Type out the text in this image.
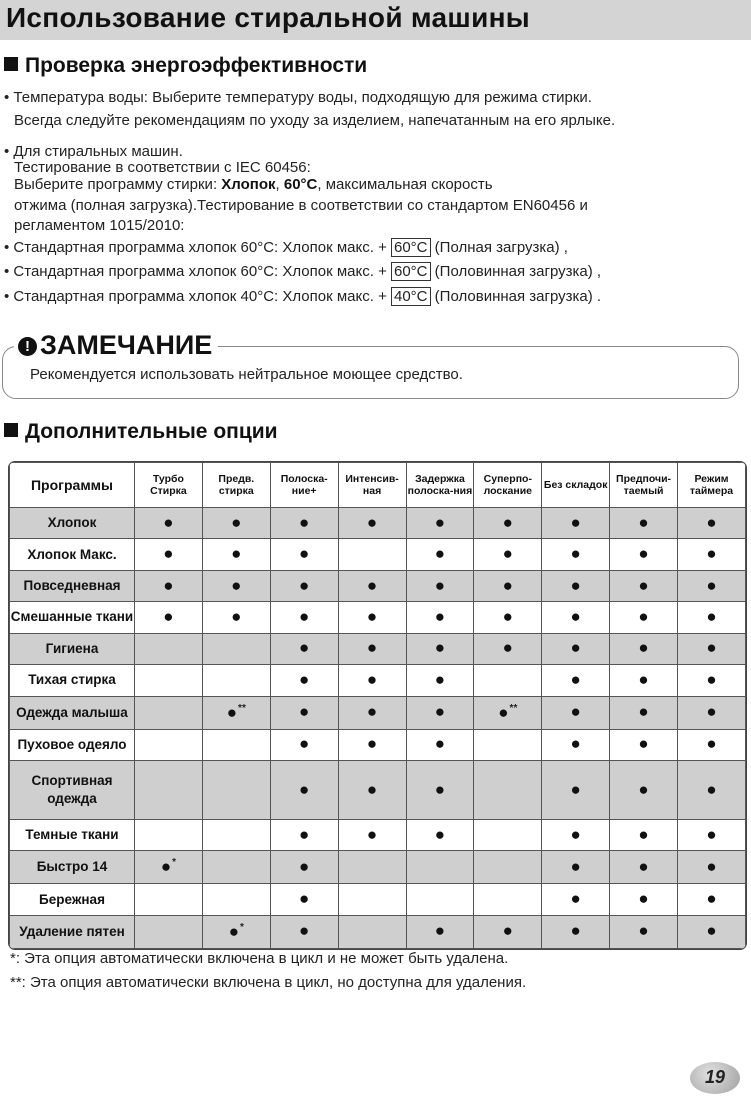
Использование стиральной машины
Проверка энергоэффективности
• Температура воды: Выберите температуру воды, подходящую для режима стирки.
Всегда следуйте рекомендациям по уходу за изделием, напечатанным на его ярлыке.
• Для стиральных машин.
Тестирование в соответствии с IEC 60456:
Выберите программу стирки: Хлопок, 60°C, максимальная скорость
отжима (полная загрузка).Тестирование в соответствии со стандартом EN60456 и
регламентом 1015/2010:
• Стандартная программа хлопок 60°C: Хлопок макс. + 60°C (Полная загрузка) ,
• Стандартная программа хлопок 60°C: Хлопок макс. + 60°C (Половинная загрузка) ,
• Стандартная программа хлопок 40°C: Хлопок макс. + 40°C (Половинная загрузка) .
! ЗАМЕЧАНИЕ
Рекомендуется использовать нейтральное моющее средство.
Дополнительные опции
Программы	Турбо Стирка	Предв. стирка	Полоска-ние+	Интенсив-ная	Задержка полоска-ния	Суперпо-лоскание	Без складок	Предпочи-таемый	Режим таймера
Хлопок	●	●	●	●	●	●	●	●	●
Хлопок Макс.	●	●	●		●	●	●	●	●
Повседневная	●	●	●	●	●	●	●	●	●
Смешанные ткани	●	●	●	●	●	●	●	●	●
Гигиена			●	●	●	●	●	●	●
Тихая стирка			●	●	●		●	●	●
Одежда малыша		●**	●	●	●	●**	●	●	●
Пуховое одеяло			●	●	●		●	●	●
Спортивная одежда			●	●	●		●	●	●
Темные ткани			●	●	●		●	●	●
Быстро 14	●*		●				●	●	●
Бережная			●				●	●	●
Удаление пятен		●*	●		●	●	●	●	●
*: Эта опция автоматически включена в цикл и не может быть удалена.
**: Эта опция автоматически включена в цикл, но доступна для удаления.
19
